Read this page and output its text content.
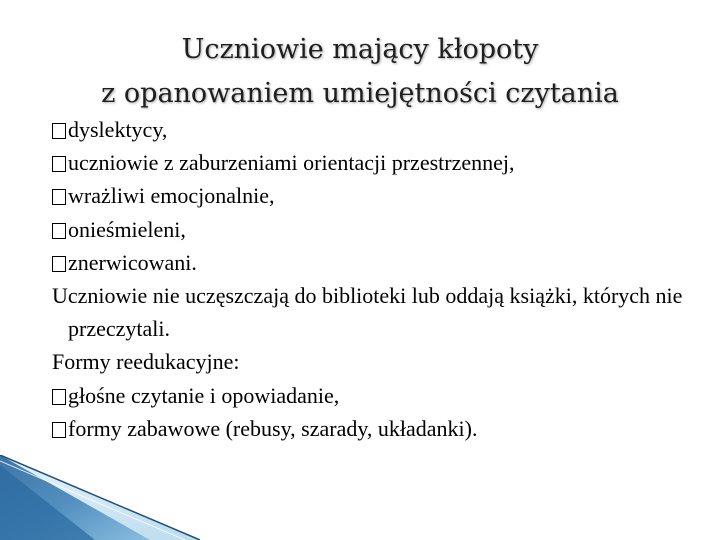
Uczniowie mający kłopoty
z opanowaniem umiejętności czytania
dyslektycy,
uczniowie z zaburzeniami orientacji przestrzennej,
wrażliwi emocjonalnie,
onieśmieleni,
znerwicowani.
Uczniowie nie uczęszczają do biblioteki lub oddają książki, których nie przeczytali.
Formy reedukacyjne:
głośne czytanie i opowiadanie,
formy zabawowe (rebusy, szarady, układanki).
